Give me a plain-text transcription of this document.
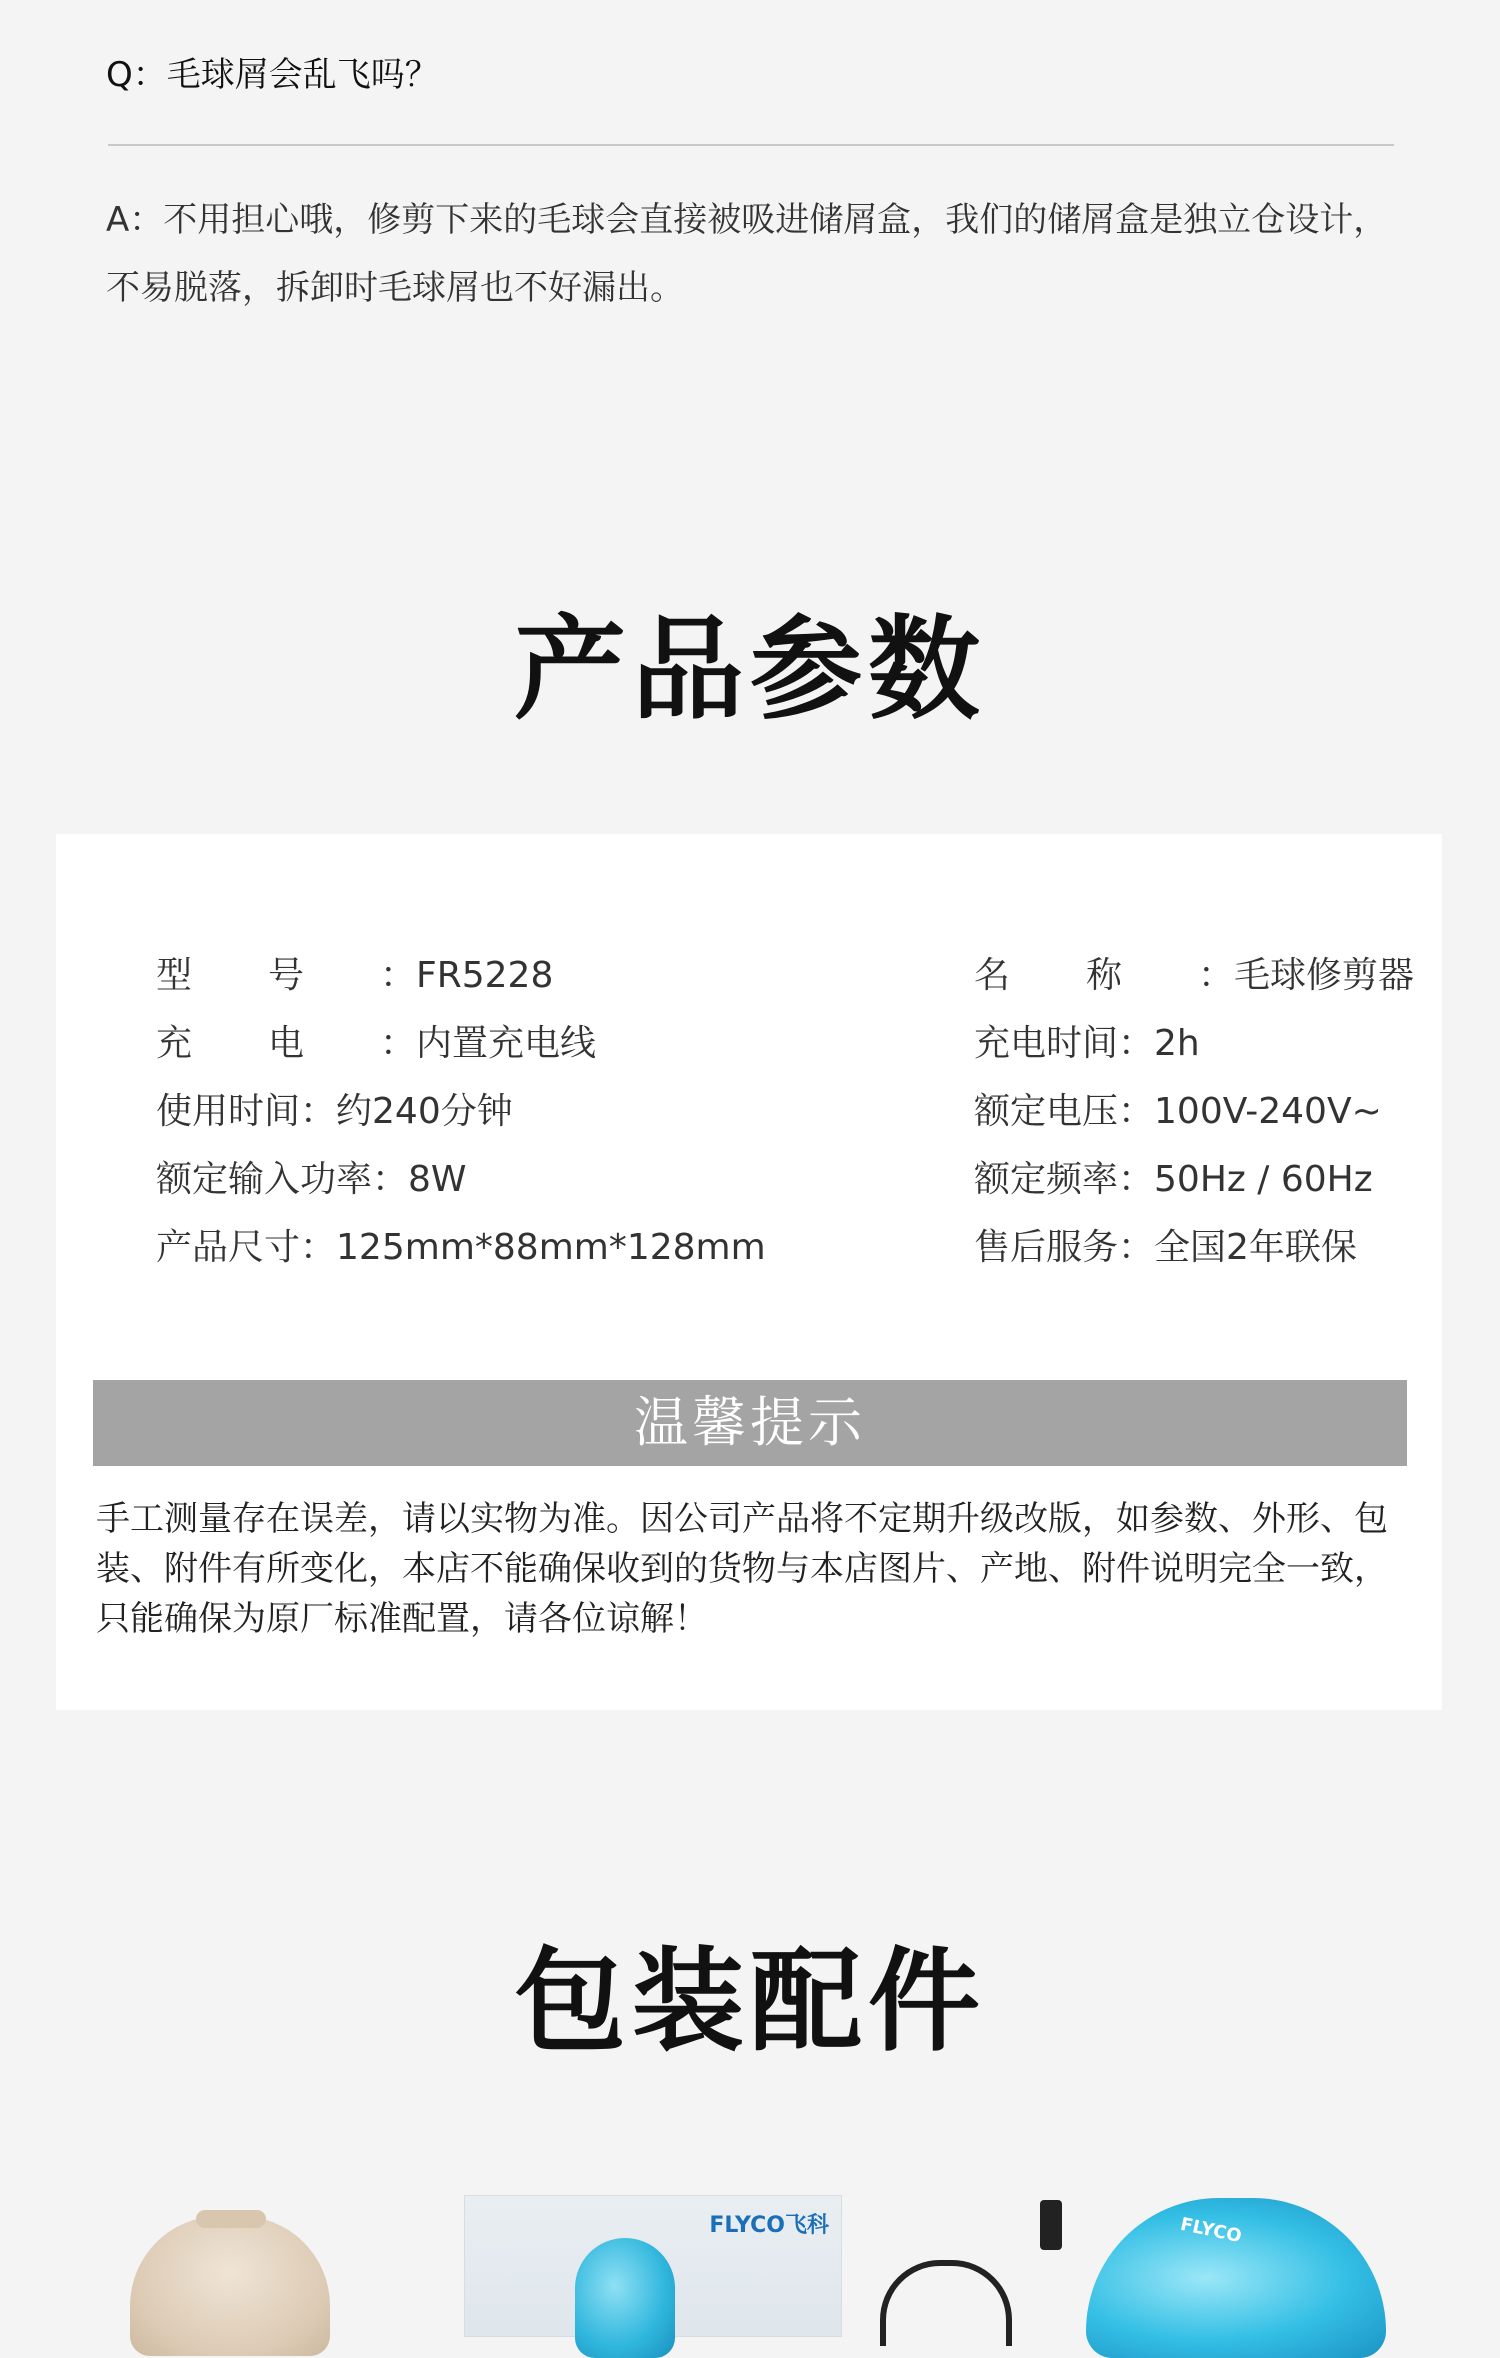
Q：毛球屑会乱飞吗？
A：不用担心哦，修剪下来的毛球会直接被吸进储屑盒，我们的储屑盒是独立仓设计，不易脱落，拆卸时毛球屑也不好漏出。
产品参数
型号：FR5228
充电：内置充电线
使用时间：约240分钟
额定输入功率：8W
产品尺寸：125mm*88mm*128mm
名称：毛球修剪器
充电时间：2h
额定电压：100V-240V~
额定频率：50Hz / 60Hz
售后服务：全国2年联保
温馨提示
手工测量存在误差，请以实物为准。因公司产品将不定期升级改版，如参数、外形、包装、附件有所变化，本店不能确保收到的货物与本店图片、产地、附件说明完全一致，只能确保为原厂标准配置，请各位谅解！
包装配件
FLYCO飞科	FLYCO
